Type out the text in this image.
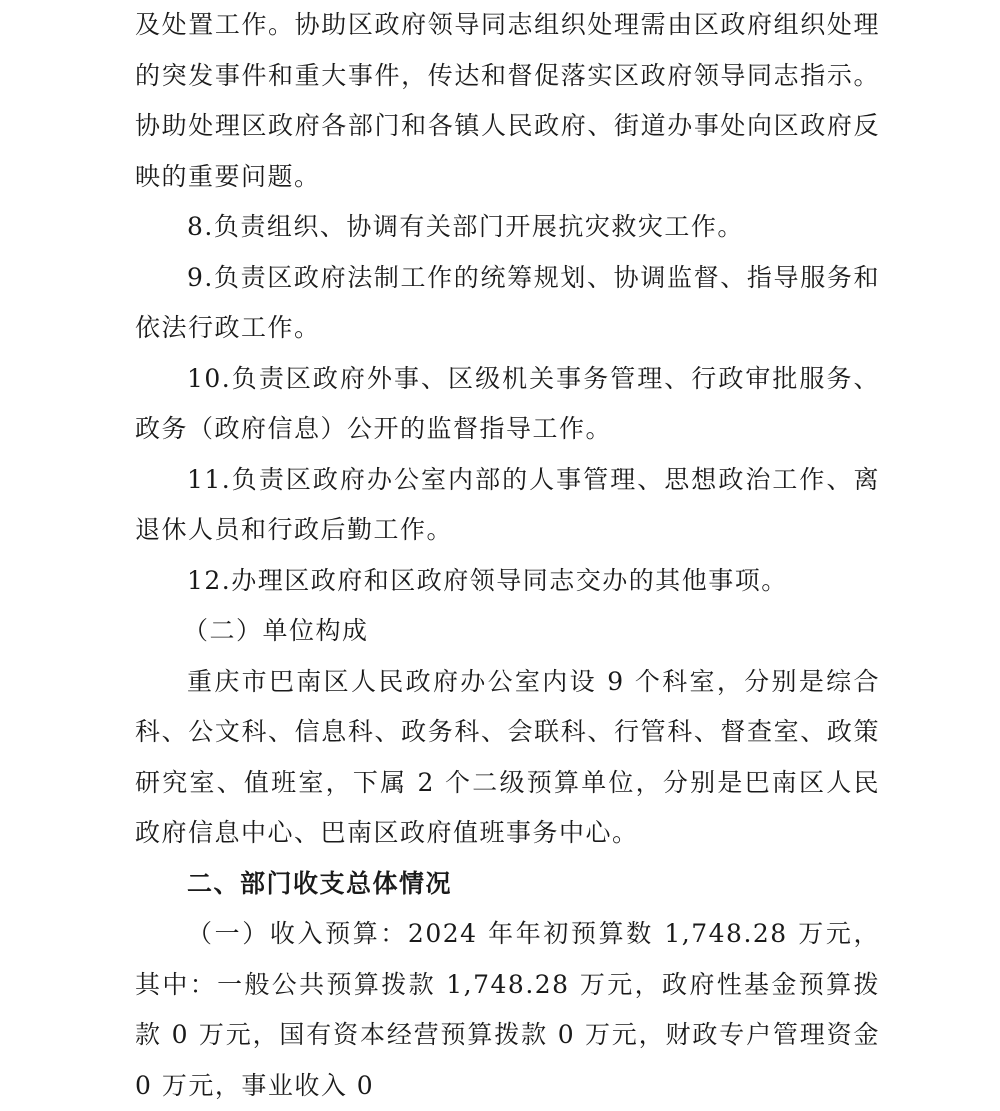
及处置工作。协助区政府领导同志组织处理需由区政府组织处理的突发事件和重大事件，传达和督促落实区政府领导同志指示。协助处理区政府各部门和各镇人民政府、街道办事处向区政府反映的重要问题。

8.负责组织、协调有关部门开展抗灾救灾工作。

9.负责区政府法制工作的统筹规划、协调监督、指导服务和依法行政工作。

10.负责区政府外事、区级机关事务管理、行政审批服务、政务（政府信息）公开的监督指导工作。

11.负责区政府办公室内部的人事管理、思想政治工作、离退休人员和行政后勤工作。

12.办理区政府和区政府领导同志交办的其他事项。

（二）单位构成

重庆市巴南区人民政府办公室内设 9 个科室，分别是综合科、公文科、信息科、政务科、会联科、行管科、督查室、政策研究室、值班室，下属 2 个二级预算单位，分别是巴南区人民政府信息中心、巴南区政府值班事务中心。

二、部门收支总体情况

（一）收入预算：2024 年年初预算数 1,748.28 万元，其中：一般公共预算拨款 1,748.28 万元，政府性基金预算拨款 0 万元，国有资本经营预算拨款 0 万元，财政专户管理资金 0 万元，事业收入 0
